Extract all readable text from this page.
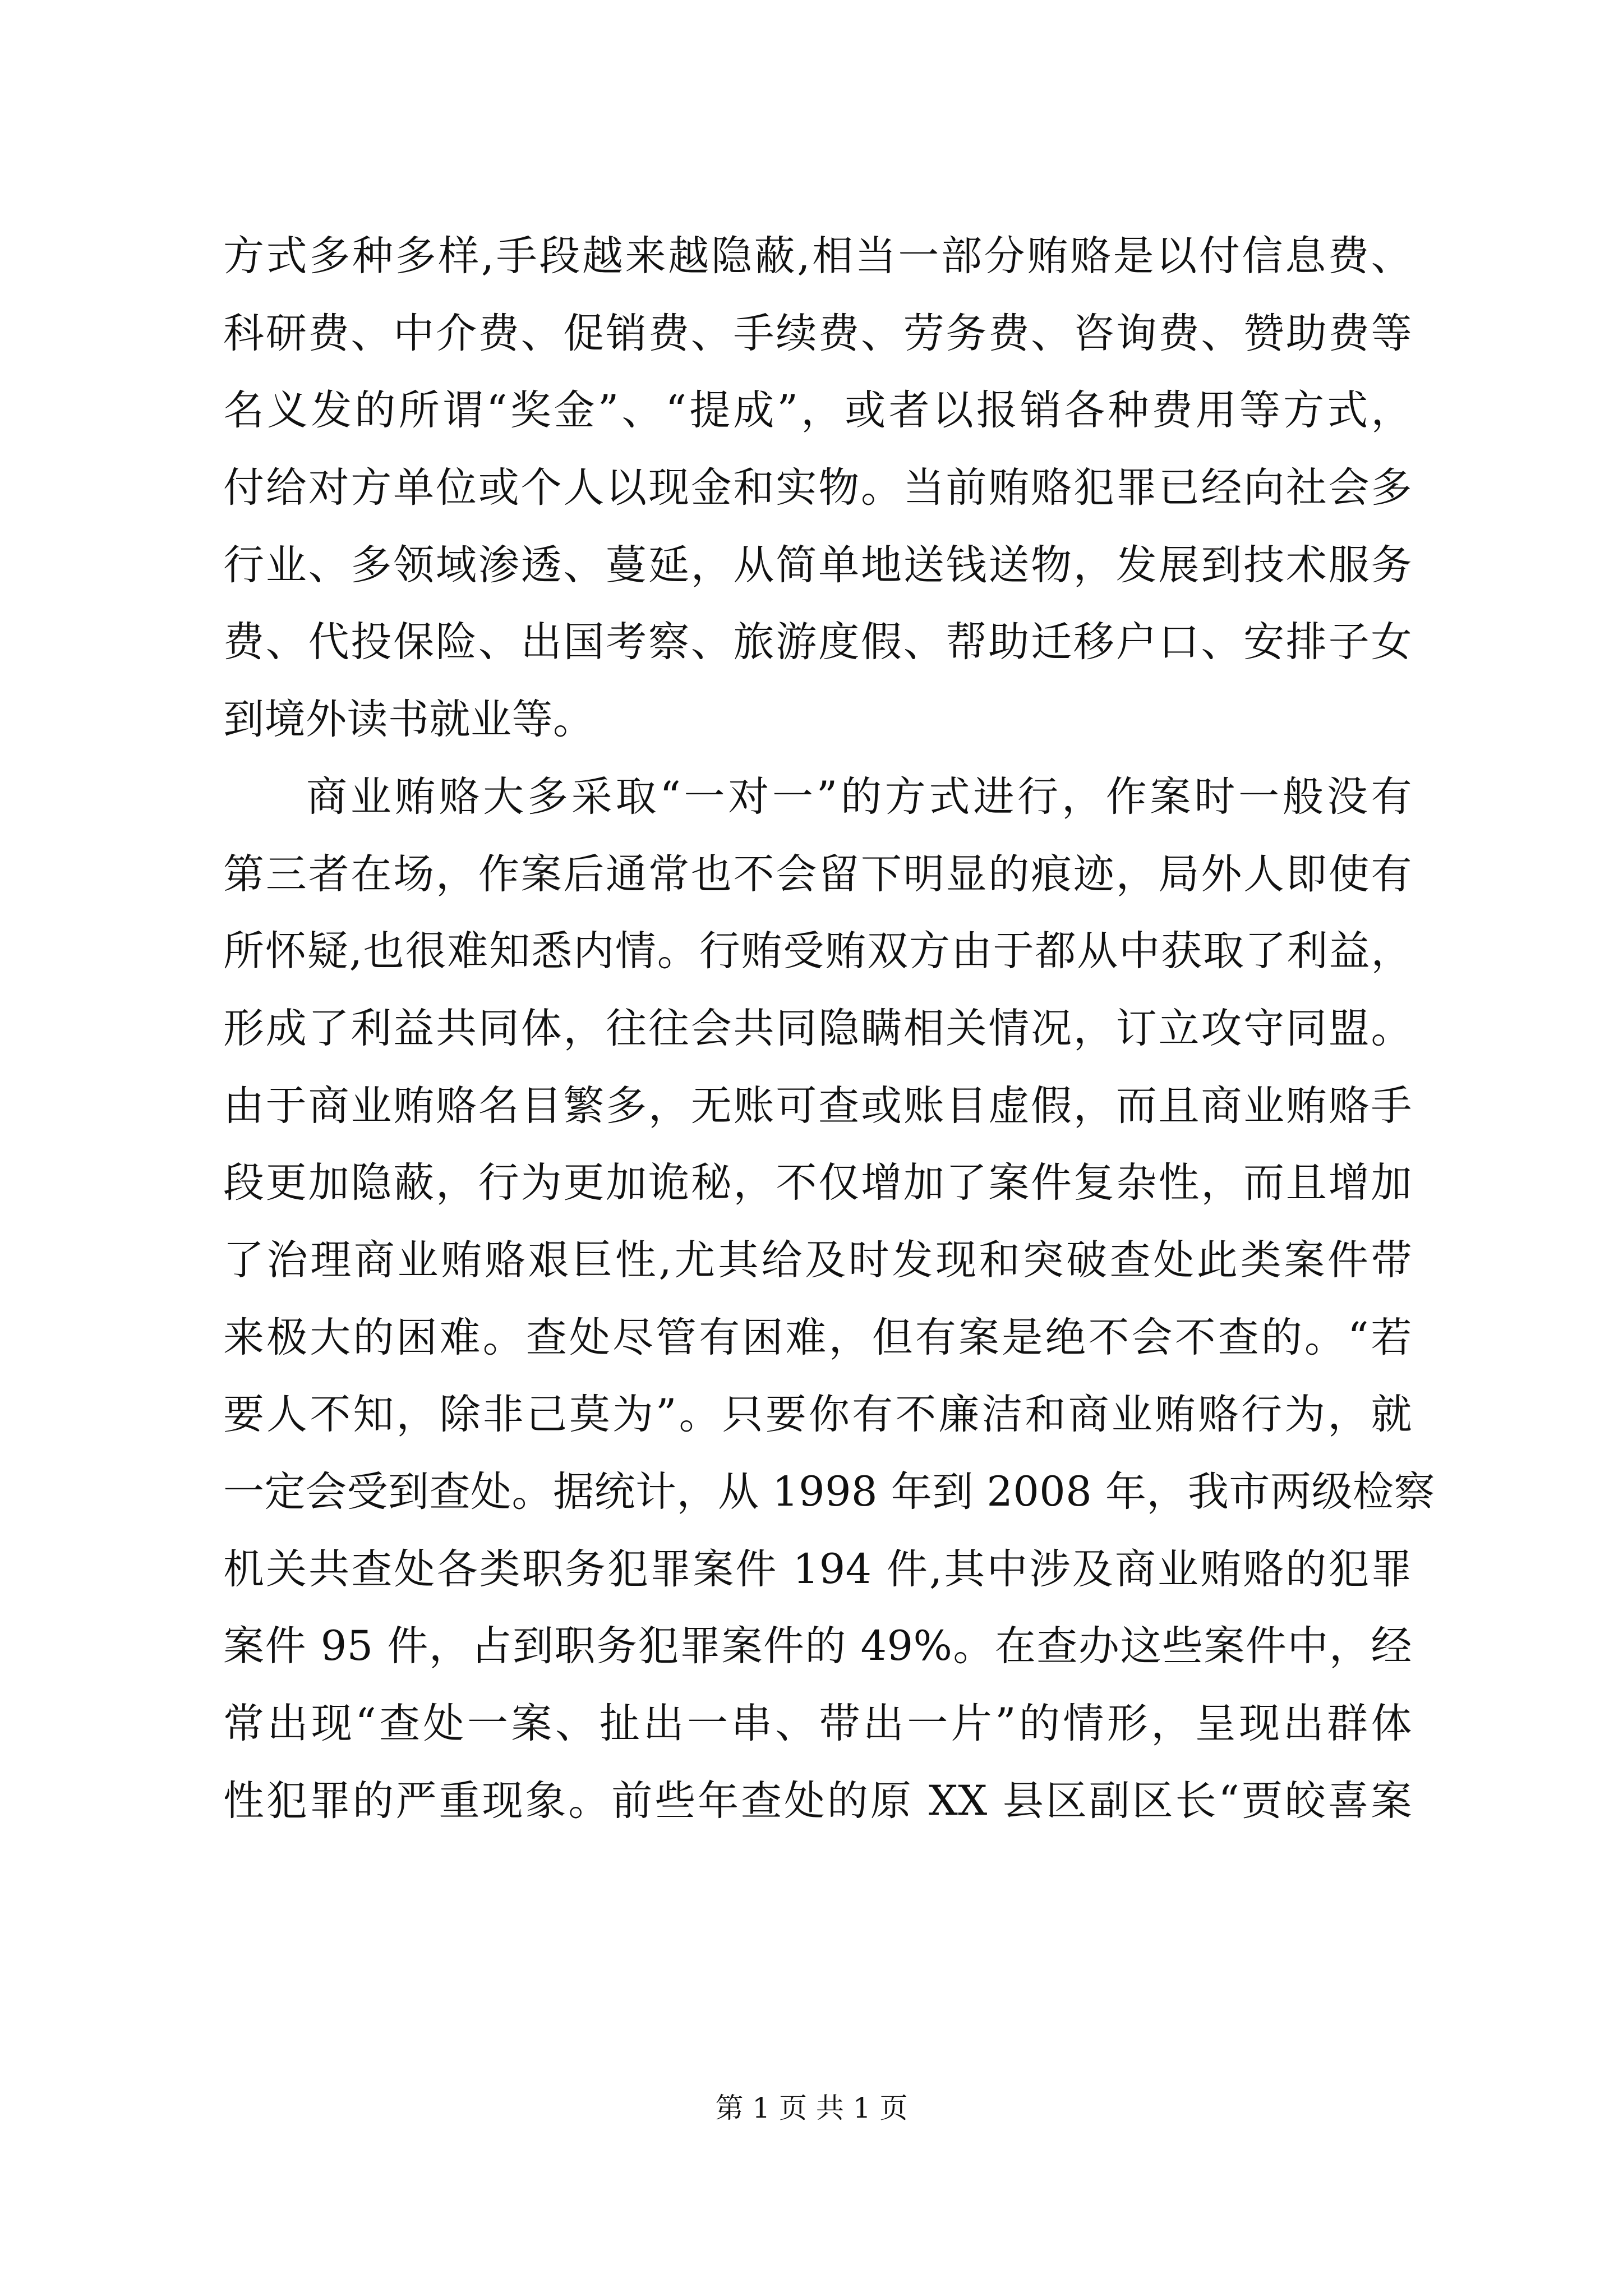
方式多种多样,手段越来越隐蔽,相当一部分贿赂是以付信息费、
科研费、中介费、促销费、手续费、劳务费、咨询费、赞助费等
名义发的所谓“奖金”、“提成”，或者以报销各种费用等方式，
付给对方单位或个人以现金和实物。当前贿赂犯罪已经向社会多
行业、多领域渗透、蔓延，从简单地送钱送物，发展到技术服务
费、代投保险、出国考察、旅游度假、帮助迁移户口、安排子女
到境外读书就业等。
商业贿赂大多采取“一对一”的方式进行，作案时一般没有
第三者在场，作案后通常也不会留下明显的痕迹，局外人即使有
所怀疑,也很难知悉内情。行贿受贿双方由于都从中获取了利益，
形成了利益共同体，往往会共同隐瞒相关情况，订立攻守同盟。
由于商业贿赂名目繁多，无账可查或账目虚假，而且商业贿赂手
段更加隐蔽，行为更加诡秘，不仅增加了案件复杂性，而且增加
了治理商业贿赂艰巨性,尤其给及时发现和突破查处此类案件带
来极大的困难。查处尽管有困难，但有案是绝不会不查的。“若
要人不知，除非己莫为”。只要你有不廉洁和商业贿赂行为，就
一定会受到查处。据统计，从 1998 年到 2008 年，我市两级检察
机关共查处各类职务犯罪案件 194 件,其中涉及商业贿赂的犯罪
案件 95 件，占到职务犯罪案件的 49%。在查办这些案件中，经
常出现“查处一案、扯出一串、带出一片”的情形，呈现出群体
性犯罪的严重现象。前些年查处的原 XX 县区副区长“贾皎喜案
第 1 页 共 1 页
